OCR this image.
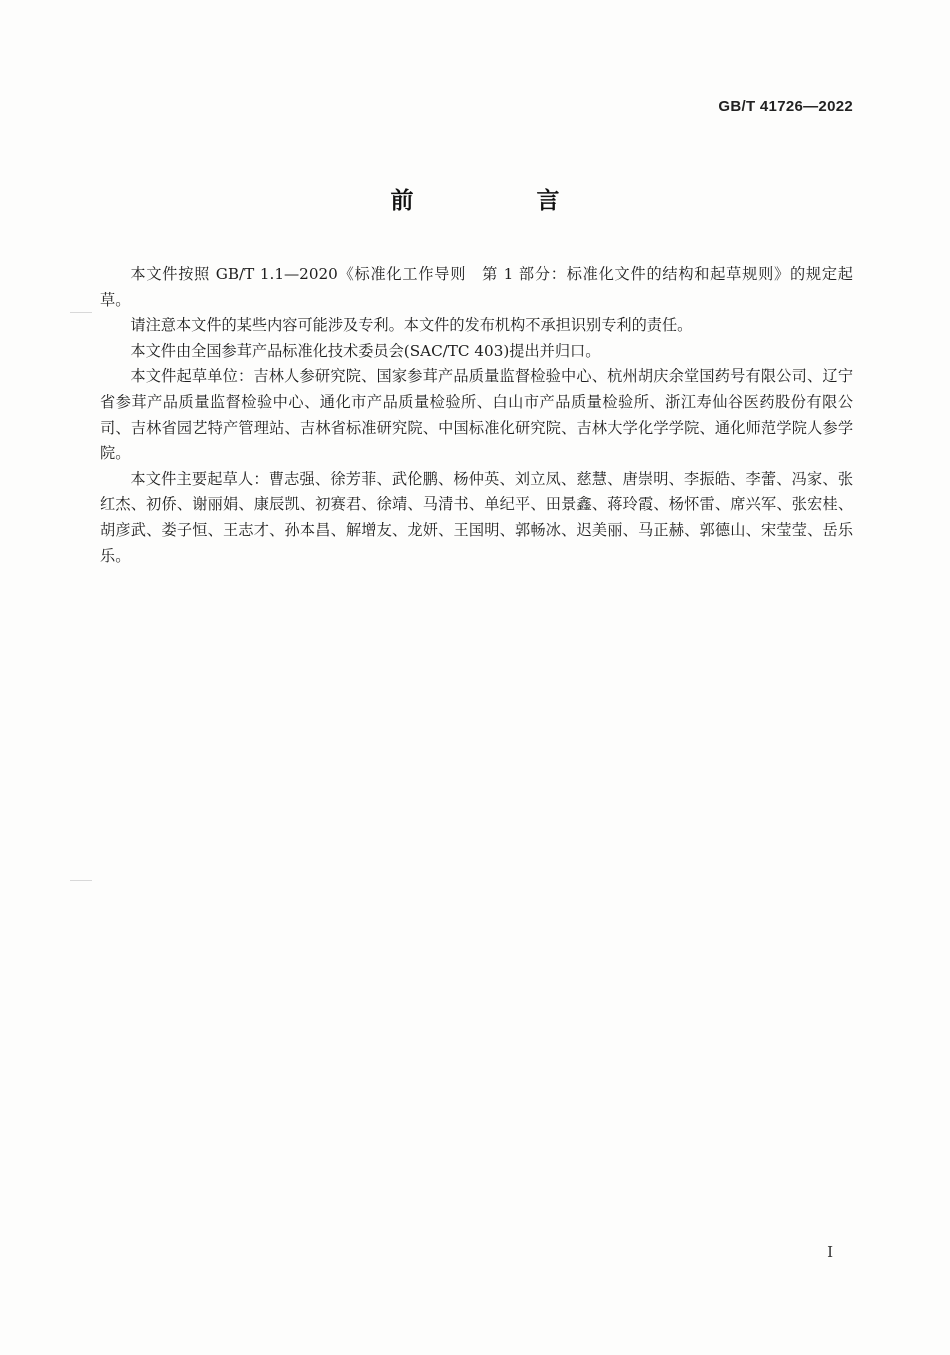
GB/T 41726—2022
前　言

本文件按照 GB/T 1.1—2020《标准化工作导则　第 1 部分：标准化文件的结构和起草规则》的规定起草。

请注意本文件的某些内容可能涉及专利。本文件的发布机构不承担识别专利的责任。

本文件由全国参茸产品标准化技术委员会(SAC/TC 403)提出并归口。

本文件起草单位：吉林人参研究院、国家参茸产品质量监督检验中心、杭州胡庆余堂国药号有限公司、辽宁省参茸产品质量监督检验中心、通化市产品质量检验所、白山市产品质量检验所、浙江寿仙谷医药股份有限公司、吉林省园艺特产管理站、吉林省标准研究院、中国标准化研究院、吉林大学化学学院、通化师范学院人参学院。

本文件主要起草人：曹志强、徐芳菲、武伦鹏、杨仲英、刘立凤、慈慧、唐崇明、李振皓、李蕾、冯家、张红杰、初侨、谢丽娟、康辰凯、初赛君、徐靖、马清书、单纪平、田景鑫、蒋玲霞、杨怀雷、席兴军、张宏桂、胡彦武、娄子恒、王志才、孙本昌、解增友、龙妍、王国明、郭畅冰、迟美丽、马正赫、郭德山、宋莹莹、岳乐乐。

I
